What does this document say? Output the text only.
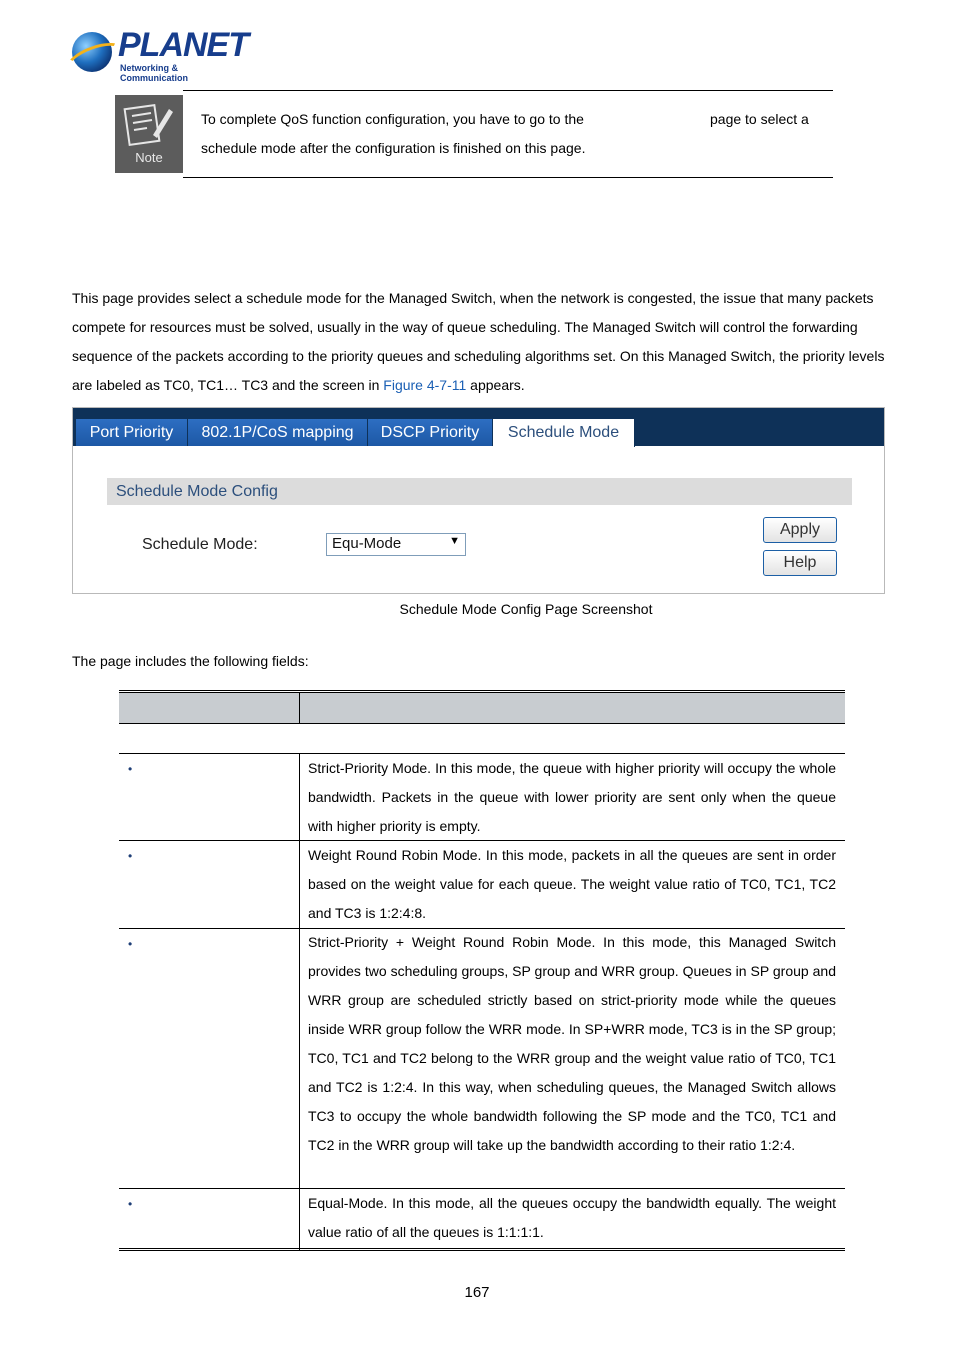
PLANET
Networking & Communication
Note
To complete QoS function configuration, you have to go to the	page to select a
schedule mode after the configuration is finished on this page.
This page provides select a schedule mode for the Managed Switch, when the network is congested, the issue that many packets compete for resources must be solved, usually in the way of queue scheduling. The Managed Switch will control the forwarding sequence of the packets according to the priority queues and scheduling algorithms set. On this Managed Switch, the priority levels are labeled as TC0, TC1… TC3 and the screen in Figure 4-7-11 appears.
Port Priority	802.1P/CoS mapping	DSCP Priority	Schedule Mode
Schedule Mode Config
Schedule Mode:	Equ-Mode	▼
Apply
Help
Schedule Mode Config Page Screenshot
The page includes the following fields:
•	Strict-Priority Mode. In this mode, the queue with higher priority will occupy the whole bandwidth. Packets in the queue with lower priority are sent only when the queue with higher priority is empty.
•	Weight Round Robin Mode. In this mode, packets in all the queues are sent in order based on the weight value for each queue. The weight value ratio of TC0, TC1, TC2 and TC3 is 1:2:4:8.
•	Strict-Priority + Weight Round Robin Mode. In this mode, this Managed Switch provides two scheduling groups, SP group and WRR group. Queues in SP group and WRR group are scheduled strictly based on strict-priority mode while the queues inside WRR group follow the WRR mode. In SP+WRR mode, TC3 is in the SP group; TC0, TC1 and TC2 belong to the WRR group and the weight value ratio of TC0, TC1 and TC2 is 1:2:4. In this way, when scheduling queues, the Managed Switch allows TC3 to occupy the whole bandwidth following the SP mode and the TC0, TC1 and TC2 in the WRR group will take up the bandwidth according to their ratio 1:2:4.
•	Equal-Mode. In this mode, all the queues occupy the bandwidth equally. The weight value ratio of all the queues is 1:1:1:1.
167
